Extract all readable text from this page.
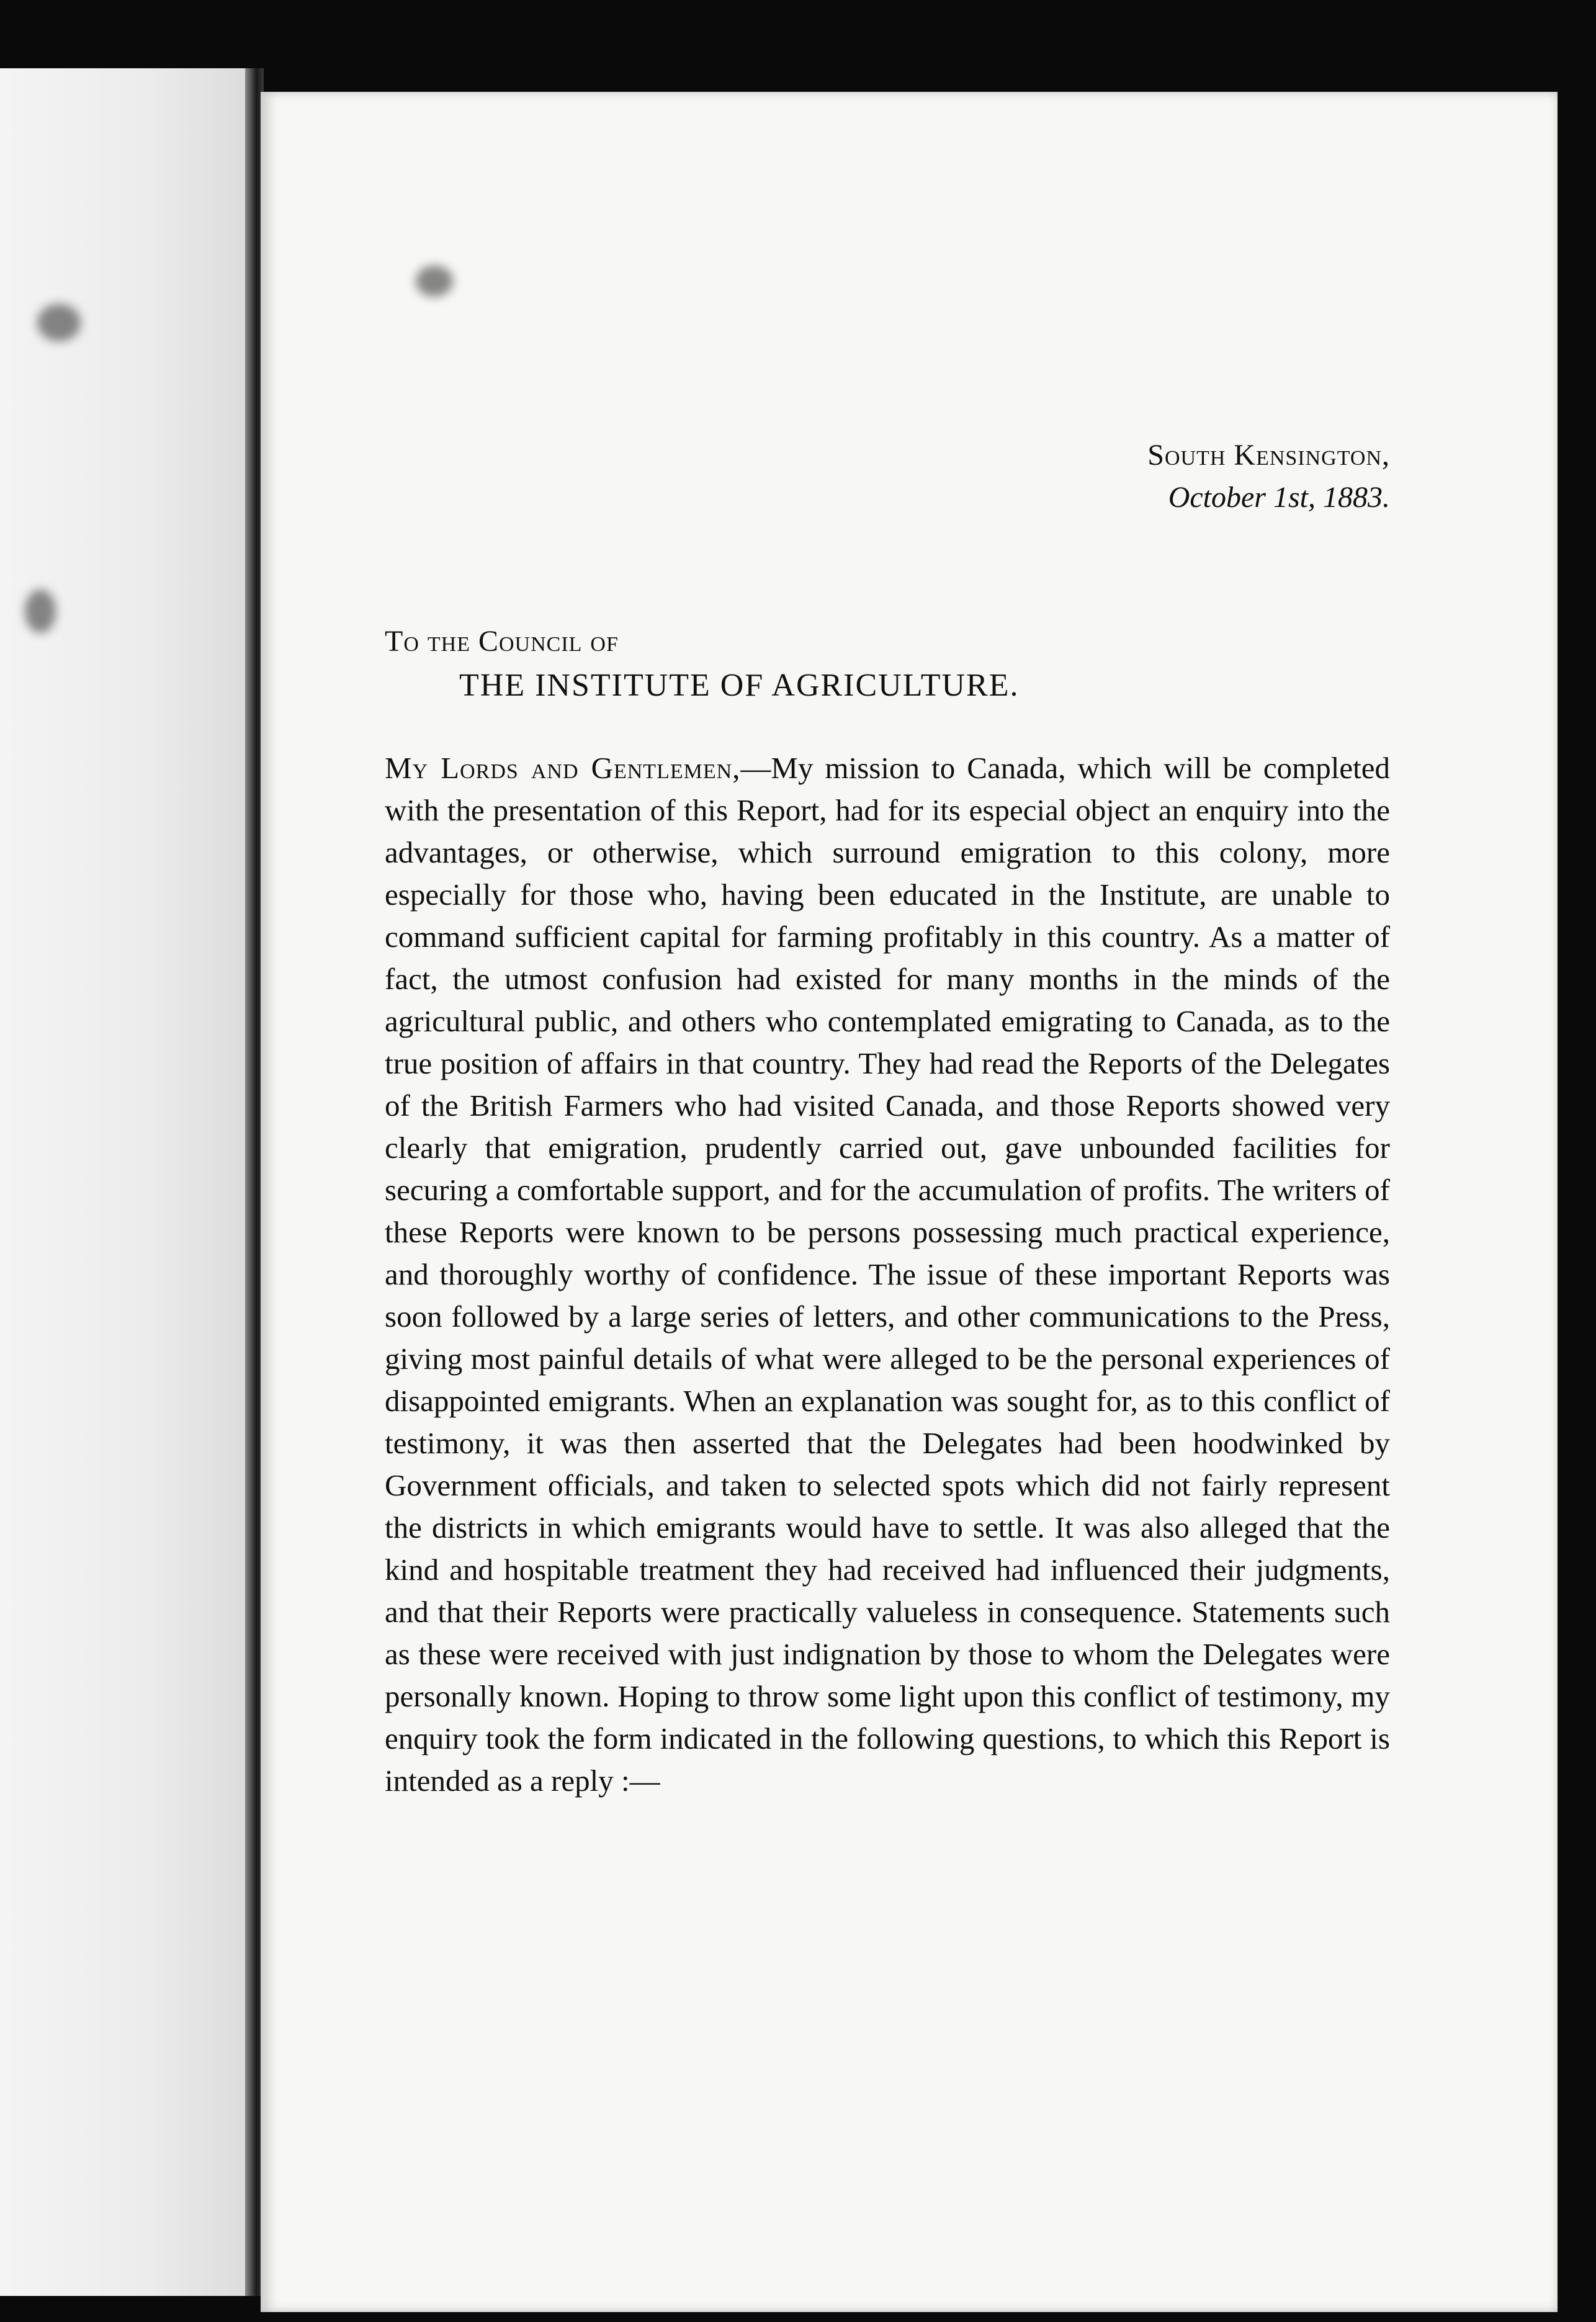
South Kensington,
October 1st, 1883.
To the Council of
THE INSTITUTE OF AGRICULTURE.

My Lords and Gentlemen,—My mission to Canada, which will be completed with the presentation of this Report, had for its especial object an enquiry into the advantages, or otherwise, which surround emigration to this colony, more especially for those who, having been educated in the Institute, are unable to command sufficient capital for farming profitably in this country. As a matter of fact, the utmost confusion had existed for many months in the minds of the agricultural public, and others who contemplated emigrating to Canada, as to the true position of affairs in that country. They had read the Reports of the Delegates of the British Farmers who had visited Canada, and those Reports showed very clearly that emigration, prudently carried out, gave unbounded facilities for securing a comfortable support, and for the accumulation of profits. The writers of these Reports were known to be persons possessing much practical experience, and thoroughly worthy of confidence. The issue of these important Reports was soon followed by a large series of letters, and other communications to the Press, giving most painful details of what were alleged to be the personal experiences of disappointed emigrants. When an explanation was sought for, as to this conflict of testimony, it was then asserted that the Delegates had been hoodwinked by Government officials, and taken to selected spots which did not fairly represent the districts in which emigrants would have to settle. It was also alleged that the kind and hospitable treatment they had received had influenced their judgments, and that their Reports were practically valueless in consequence. Statements such as these were received with just indignation by those to whom the Delegates were personally known. Hoping to throw some light upon this conflict of testimony, my enquiry took the form indicated in the following questions, to which this Report is intended as a reply :—
